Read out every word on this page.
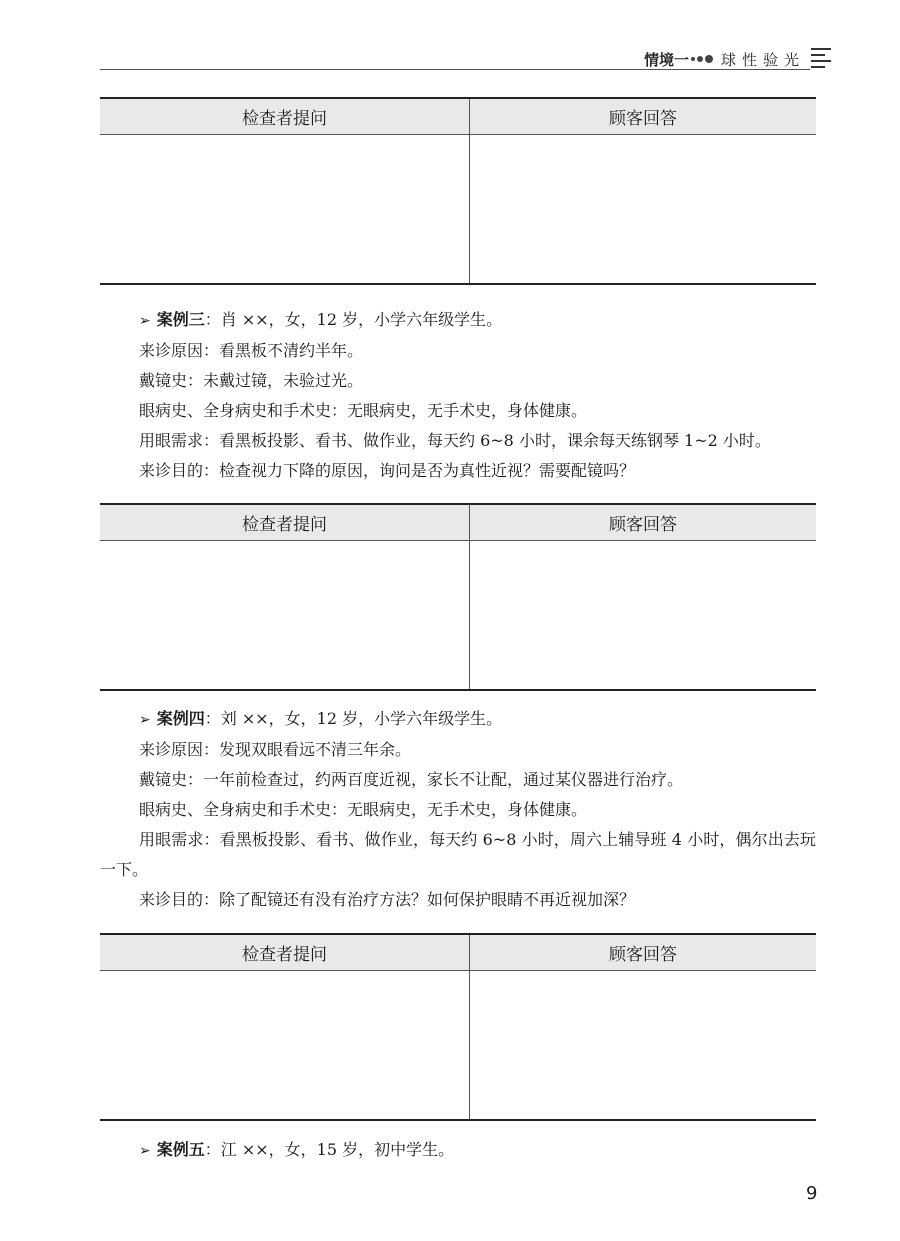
情境一 球性验光
检查者提问	顾客回答

➢ 案例三：肖 ××，女，12 岁，小学六年级学生。

来诊原因：看黑板不清约半年。

戴镜史：未戴过镜，未验过光。

眼病史、全身病史和手术史：无眼病史，无手术史，身体健康。

用眼需求：看黑板投影、看书、做作业，每天约 6~8 小时，课余每天练钢琴 1~2 小时。

来诊目的：检查视力下降的原因，询问是否为真性近视？需要配镜吗？

检查者提问	顾客回答

➢ 案例四：刘 ××，女，12 岁，小学六年级学生。

来诊原因：发现双眼看远不清三年余。

戴镜史：一年前检查过，约两百度近视，家长不让配，通过某仪器进行治疗。

眼病史、全身病史和手术史：无眼病史，无手术史，身体健康。

用眼需求：看黑板投影、看书、做作业，每天约 6~8 小时，周六上辅导班 4 小时，偶尔出去玩一下。

来诊目的：除了配镜还有没有治疗方法？如何保护眼睛不再近视加深？

检查者提问	顾客回答

➢ 案例五：江 ××，女，15 岁，初中学生。

9
